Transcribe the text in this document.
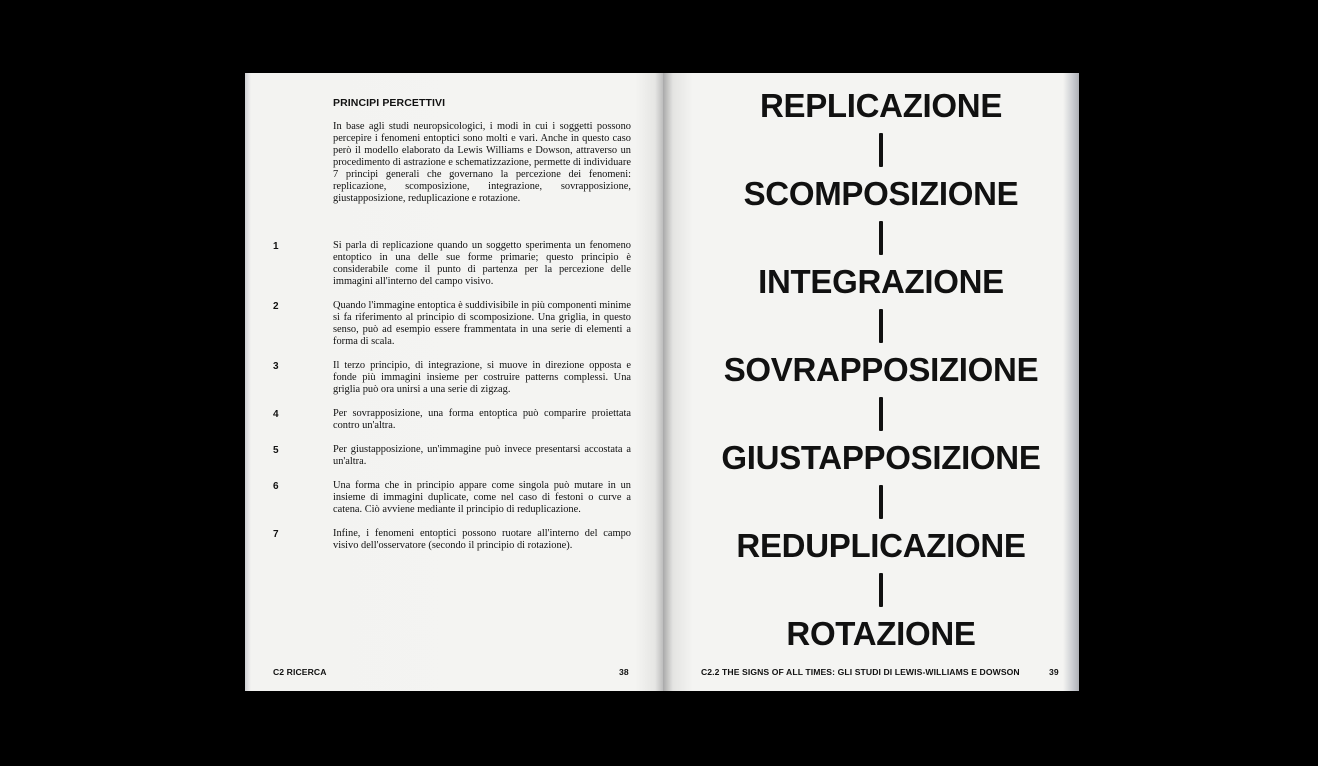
PRINCIPI PERCETTIVI
In base agli studi neuropsicologici, i modi in cui i soggetti possono percepire i fenomeni entoptici sono molti e vari. Anche in questo caso però il modello elaborato da Lewis Williams e Dowson, attraverso un procedimento di astrazione e schematizzazione, permette di individuare 7 principi generali che governano la percezione dei fenomeni: replicazione, scomposizione, integrazione, sovrapposizione, giustapposizione, reduplicazione e rotazione.
1	Si parla di replicazione quando un soggetto sperimenta un fenomeno entoptico in una delle sue forme primarie; questo principio è considerabile come il punto di partenza per la percezione delle immagini all'interno del campo visivo.
2	Quando l'immagine entoptica è suddivisibile in più componenti minime si fa riferimento al principio di scomposizione. Una griglia, in questo senso, può ad esempio essere frammentata in una serie di elementi a forma di scala.
3	Il terzo principio, di integrazione, si muove in direzione opposta e fonde più immagini insieme per costruire patterns complessi. Una griglia può ora unirsi a una serie di zigzag.
4	Per sovrapposizione, una forma entoptica può comparire proiettata contro un'altra.
5	Per giustapposizione, un'immagine può invece presentarsi accostata a un'altra.
6	Una forma che in principio appare come singola può mutare in un insieme di immagini duplicate, come nel caso di festoni o curve a catena. Ciò avviene mediante il principio di reduplicazione.
7	Infine, i fenomeni entoptici possono ruotare all'interno del campo visivo dell'osservatore (secondo il principio di rotazione).
C2 RICERCA	38
REPLICAZIONE
SCOMPOSIZIONE
INTEGRAZIONE
SOVRAPPOSIZIONE
GIUSTAPPOSIZIONE
REDUPLICAZIONE
ROTAZIONE
C2.2 THE SIGNS OF ALL TIMES: GLI STUDI DI LEWIS-WILLIAMS E DOWSON	39
